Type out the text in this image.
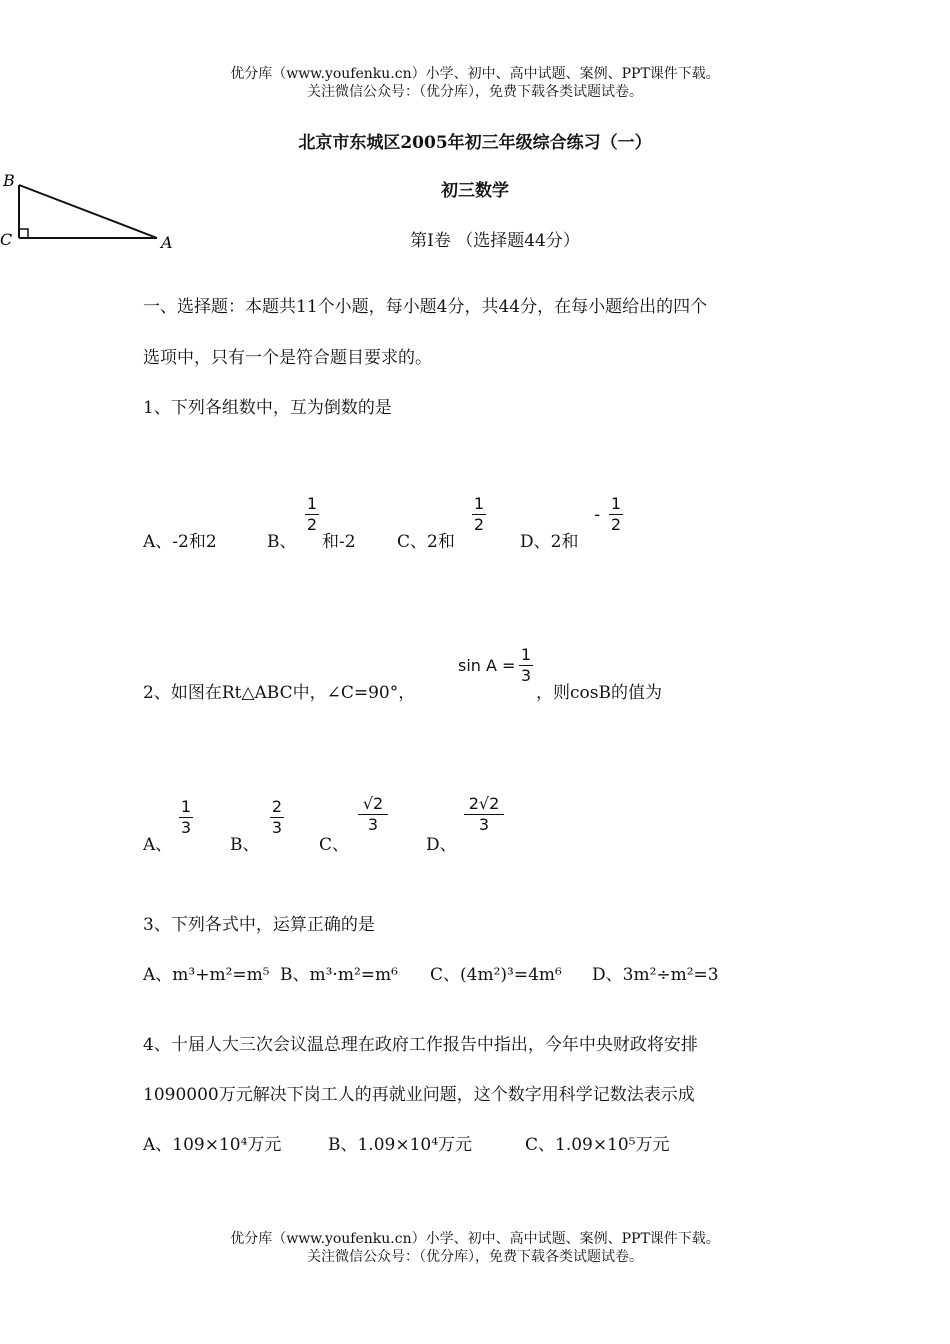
优分库（www.youfenku.cn）小学、初中、高中试题、案例、PPT课件下载。
关注微信公众号：（优分库），免费下载各类试题试卷。
B
C	A
北京市东城区2005年初三年级综合练习（一）
初三数学
第Ⅰ卷 （选择题44分）
一、选择题：本题共11个小题，每小题4分，共44分，在每小题给出的四个
选项中，只有一个是符合题目要求的。
1、下列各组数中，互为倒数的是
A、-2和2	B、
1
2
和-2 C、2和
1
2
D、2和
-
1
2
2、如图在Rt△ABC中，∠C=90°，
sin A =
1
3
，则cosB的值为
A、
1
3
B、
2
3
C、
√2
3
D、
2√2
3
3、下列各式中，运算正确的是
A、m³+m²=m⁵ B、m³·m²=m⁶ C、(4m²)³=4m⁶ D、3m²÷m²=3
4、十届人大三次会议温总理在政府工作报告中指出，今年中央财政将安排
1090000万元解决下岗工人的再就业问题，这个数字用科学记数法表示成
A、109×10⁴万元	B、1.09×10⁴万元	C、1.09×10⁵万元
优分库（www.youfenku.cn）小学、初中、高中试题、案例、PPT课件下载。
关注微信公众号：（优分库），免费下载各类试题试卷。
